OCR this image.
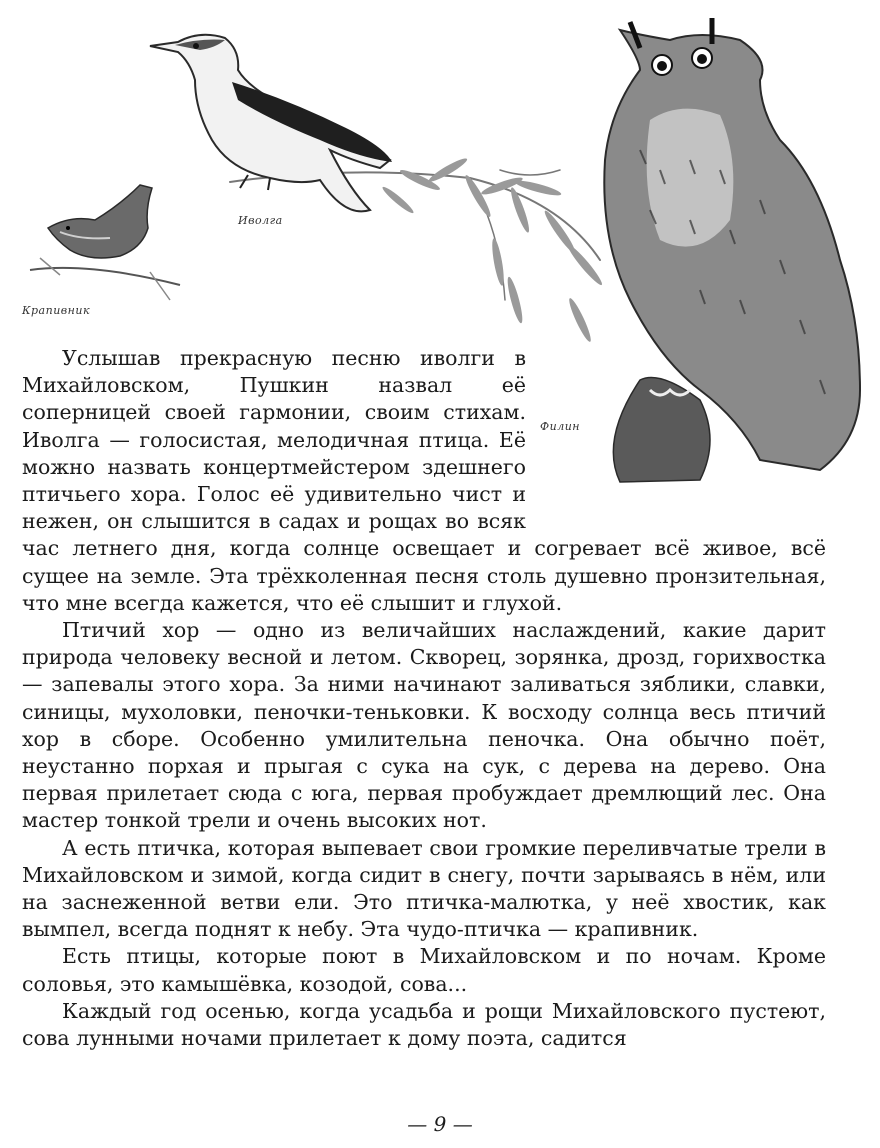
Иволга
Крапивник
Филин

Услышав прекрасную песню иволги в Михайловском, Пушкин назвал её соперницей своей гармонии, своим стихам. Иволга — голосистая, мелодичная птица. Её можно назвать концертмейстером здешнего птичьего хора. Голос её удивительно чист и нежен, он слышится в садах и рощах во всяк час летнего дня, когда солнце освещает и согревает всё живое, всё сущее на земле. Эта трёхколенная песня столь душевно пронзительная, что мне всегда кажется, что её слышит и глухой.

Птичий хор — одно из величайших наслаждений, какие дарит природа человеку весной и летом. Скворец, зорянка, дрозд, горихвостка — запевалы этого хора. За ними начинают заливаться зяблики, славки, синицы, мухоловки, пеночки-теньковки. К восходу солнца весь птичий хор в сборе. Особенно умилительна пеночка. Она обычно поёт, неустанно порхая и прыгая с сука на сук, с дерева на дерево. Она первая прилетает сюда с юга, первая пробуждает дремлющий лес. Она мастер тонкой трели и очень высоких нот.

А есть птичка, которая выпевает свои громкие переливчатые трели в Михайловском и зимой, когда сидит в снегу, почти зарываясь в нём, или на заснеженной ветви ели. Это птичка-малютка, у неё хвостик, как вымпел, всегда поднят к небу. Эта чудо-птичка — крапивник.

Есть птицы, которые поют в Михайловском и по ночам. Кроме соловья, это камышёвка, козодой, сова...

Каждый год осенью, когда усадьба и рощи Михайловского пустеют, сова лунными ночами прилетает к дому поэта, садится

— 9 —
